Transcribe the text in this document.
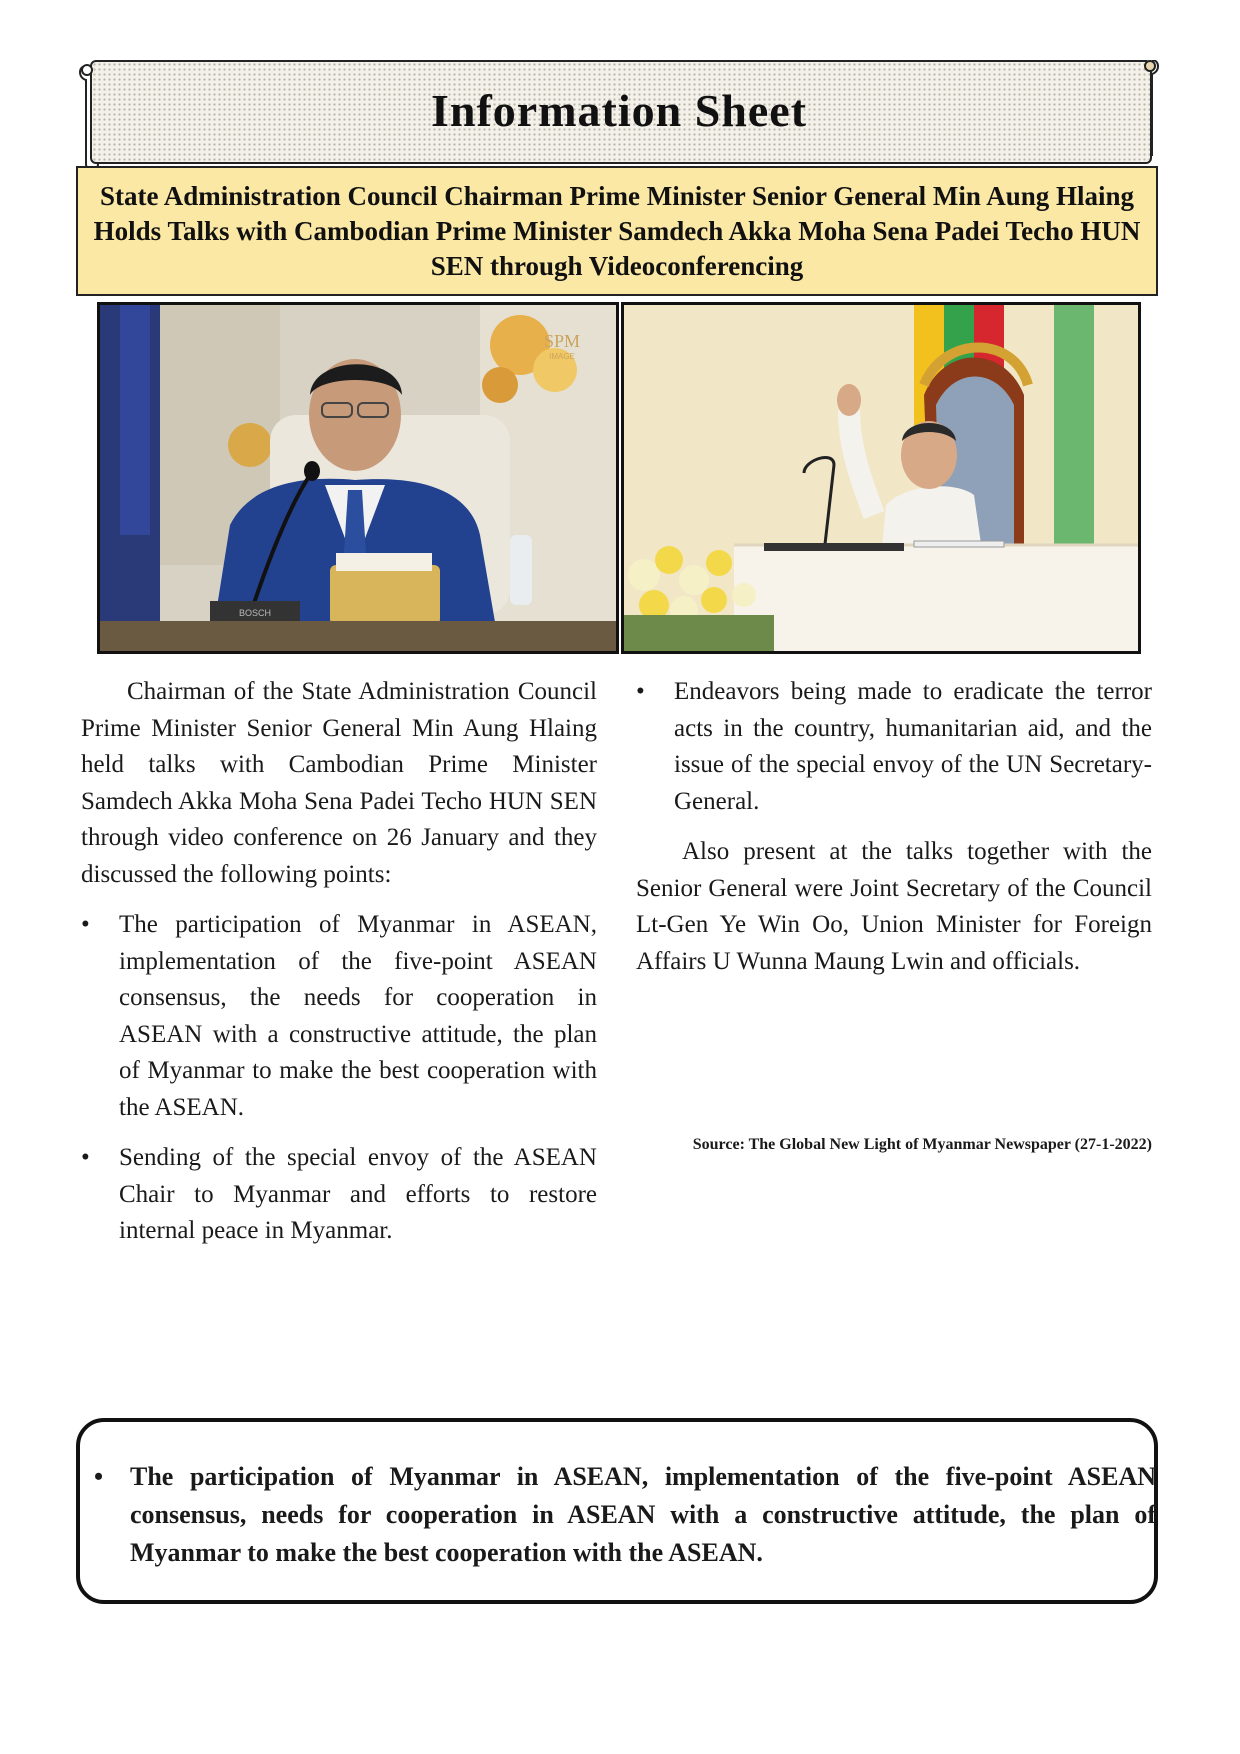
Information Sheet

State Administration Council Chairman Prime Minister Senior General Min Aung Hlaing Holds Talks with Cambodian Prime Minister Samdech Akka Moha Sena Padei Techo HUN SEN through Videoconferencing

SPM
IMAGE
BOSCH

Chairman of the State Administration Council Prime Minister Senior General Min Aung Hlaing held talks with Cambodian Prime Minister Samdech Akka Moha Sena Padei Techo HUN SEN through video conference on 26 January and they discussed the following points:

• The participation of Myanmar in ASEAN, implementation of the five-point ASEAN consensus, the needs for cooperation in ASEAN with a constructive attitude, the plan of Myanmar to make the best cooperation with the ASEAN.
• Sending of the special envoy of the ASEAN Chair to Myanmar and efforts to restore internal peace in Myanmar.
• Endeavors being made to eradicate the terror acts in the country, humanitarian aid, and the issue of the special envoy of the UN Secretary-General.

Also present at the talks together with the Senior General were Joint Secretary of the Council Lt-Gen Ye Win Oo, Union Minister for Foreign Affairs U Wunna Maung Lwin and officials.

Source: The Global New Light of Myanmar Newspaper (27-1-2022)
• The participation of Myanmar in ASEAN, implementation of the five-point ASEAN consensus, needs for cooperation in ASEAN with a constructive attitude, the plan of Myanmar to make the best cooperation with the ASEAN.
